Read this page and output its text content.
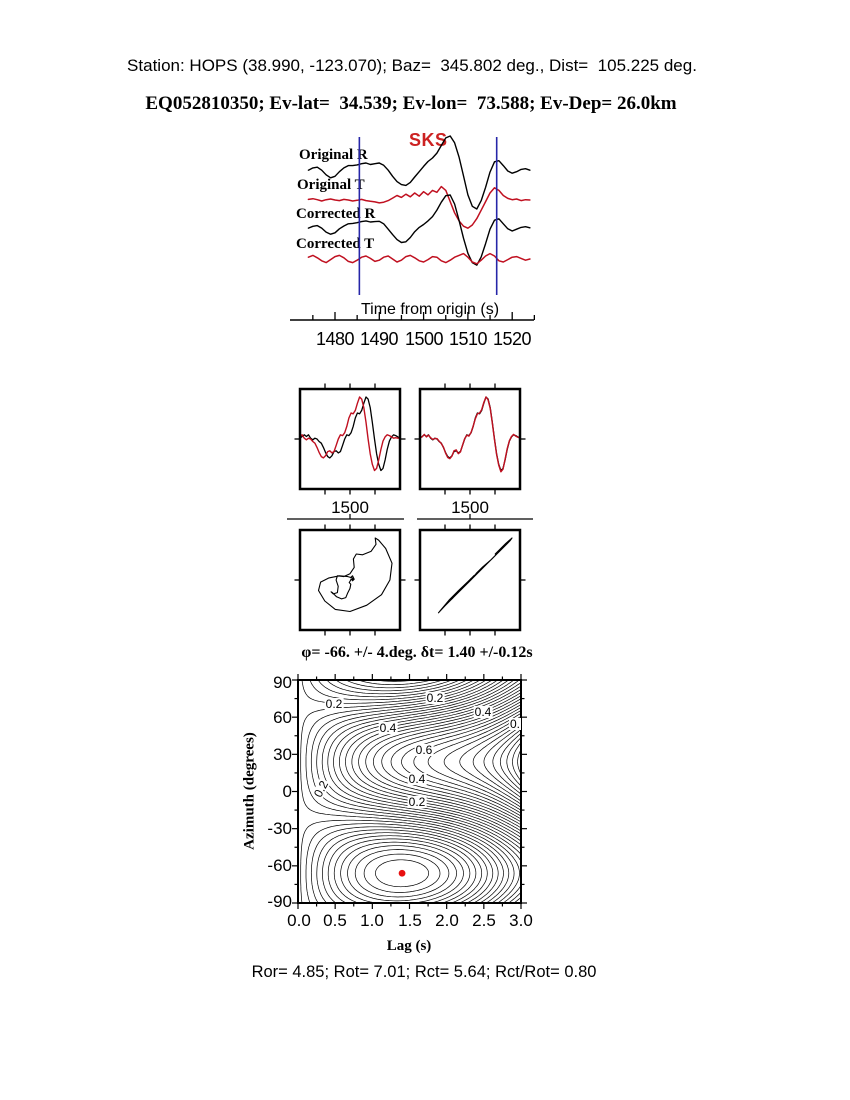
Station: HOPS (38.990, -123.070); Baz=  345.802 deg., Dist=  105.225 deg.
EQ052810350; Ev-lat=  34.539; Ev-lon=  73.588; Ev-Dep= 26.0km
SKS
Original R
Original T
Corrected R
Corrected T
Time from origin (s)
1480 1490 1500 1510 1520
1500	1500
φ= -66. +/- 4.deg. δt= 1.40 +/-0.12s
Azimuth (degrees)
90
60
30
0
-30
-60
-90
0.0 0.5 1.0 1.5 2.0 2.5 3.0
Lag (s)
0.2	0.2
0.4
0.
0.4
0.6
0.4
0.2
0.2
Ror= 4.85; Rot= 7.01; Rct= 5.64; Rct/Rot= 0.80
